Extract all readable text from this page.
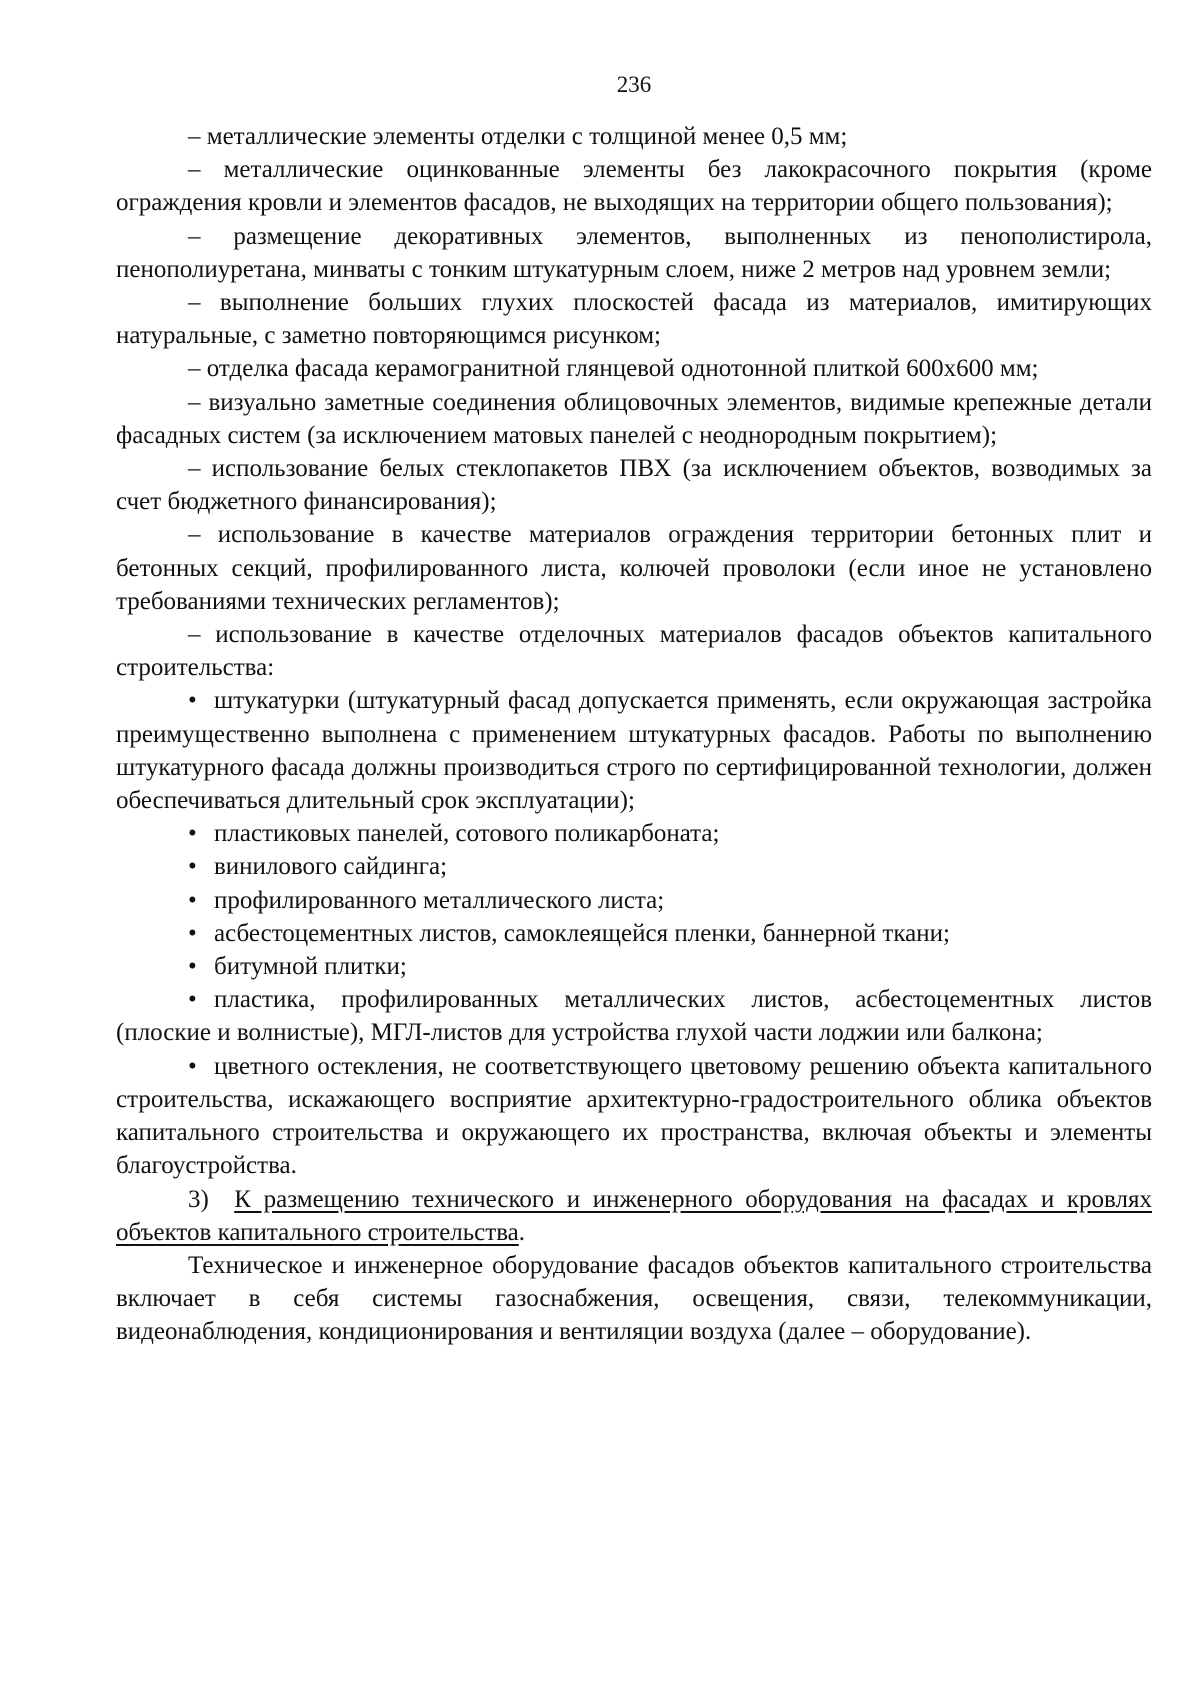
236

– металлические элементы отделки с толщиной менее 0,5 мм;

– металлические оцинкованные элементы без лакокрасочного покрытия (кроме ограждения кровли и элементов фасадов, не выходящих на территории общего пользования);

– размещение декоративных элементов, выполненных из пенополистирола, пенополиуретана, минваты с тонким штукатурным слоем, ниже 2 метров над уровнем земли;

– выполнение больших глухих плоскостей фасада из материалов, имитирующих натуральные, с заметно повторяющимся рисунком;

– отделка фасада керамогранитной глянцевой однотонной плиткой 600х600 мм;

– визуально заметные соединения облицовочных элементов, видимые крепежные детали фасадных систем (за исключением матовых панелей с неоднородным покрытием);

– использование белых стеклопакетов ПВХ (за исключением объектов, возводимых за счет бюджетного финансирования);

– использование в качестве материалов ограждения территории бетонных плит и бетонных секций, профилированного листа, колючей проволоки (если иное не установлено требованиями технических регламентов);

– использование в качестве отделочных материалов фасадов объектов капитального строительства:

• штукатурки (штукатурный фасад допускается применять, если окружающая застройка преимущественно выполнена с применением штукатурных фасадов. Работы по выполнению штукатурного фасада должны производиться строго по сертифицированной технологии, должен обеспечиваться длительный срок эксплуатации);

• пластиковых панелей, сотового поликарбоната;

• винилового сайдинга;

• профилированного металлического листа;

• асбестоцементных листов, самоклеящейся пленки, баннерной ткани;

• битумной плитки;

• пластика, профилированных металлических листов, асбестоцементных листов (плоские и волнистые), МГЛ-листов для устройства глухой части лоджии или балкона;

• цветного остекления, не соответствующего цветовому решению объекта капитального строительства, искажающего восприятие архитектурно-градостроительного облика объектов капитального строительства и окружающего их пространства, включая объекты и элементы благоустройства.

3) К размещению технического и инженерного оборудования на фасадах и кровлях объектов капитального строительства.

Техническое и инженерное оборудование фасадов объектов капитального строительства включает в себя системы газоснабжения, освещения, связи, телекоммуникации, видеонаблюдения, кондиционирования и вентиляции воздуха (далее – оборудование).
